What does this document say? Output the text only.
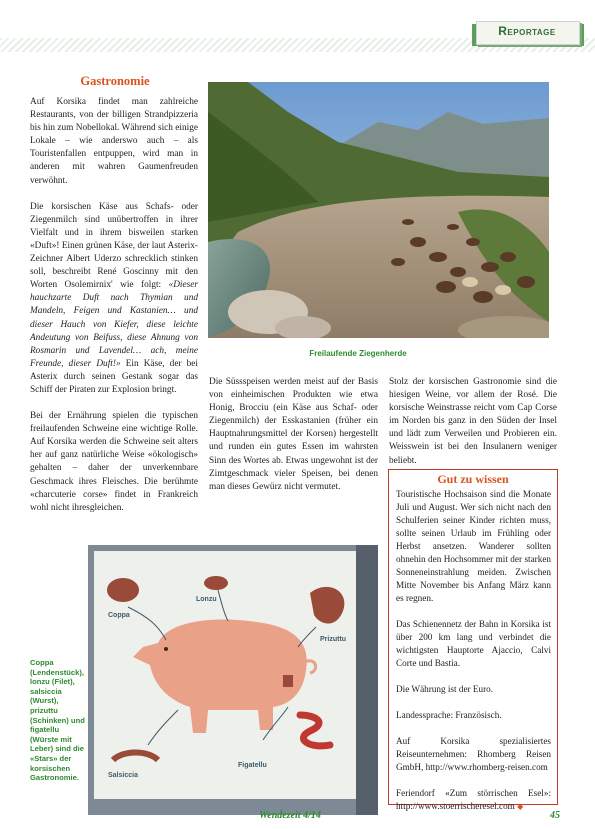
Reportage
Gastronomie

Auf Korsika findet man zahlreiche Restaurants, von der billigen Strandpizzeria bis hin zum Nobellokal. Während sich einige Lokale – wie anderswo auch – als Touristenfallen entpuppen, wird man in anderen mit wahren Gaumenfreuden verwöhnt.

Die korsischen Käse aus Schafs- oder Ziegenmilch sind unübertroffen in ihrer Vielfalt und in ihrem bisweilen starken «Duft»! Einen grünen Käse, der laut Asterix-Zeichner Albert Uderzo schrecklich stinken soll, beschreibt René Goscinny mit den Worten Osolemirnix' wie folgt: «Dieser hauchzarte Duft nach Thymian und Mandeln, Feigen und Kastanien… und dieser Hauch von Kiefer, diese leichte Andeutung von Beifuss, diese Ahnung von Rosmarin und Lavendel… ach, meine Freunde, dieser Duft!» Ein Käse, der bei Asterix durch seinen Gestank sogar das Schiff der Piraten zur Explosion bringt.

Bei der Ernährung spielen die typischen freilaufenden Schweine eine wichtige Rolle. Auf Korsika werden die Schweine seit alters her auf ganz natürliche Weise «ökologisch» gehalten – daher der unverkennbare Geschmack ihres Fleisches. Die berühmte «charcuterie corse» findet in Frankreich wohl nicht ihresgleichen.

Freilaufende Ziegenherde

Die Süssspeisen werden meist auf der Basis von einheimischen Produkten wie etwa Honig, Brocciu (ein Käse aus Schaf- oder Ziegenmilch) der Esskastanien (früher ein Hauptnahrungsmittel der Korsen) hergestellt und runden ein gutes Essen im wahrsten Sinn des Wortes ab. Etwas ungewohnt ist der Zimtgeschmack vieler Speisen, bei denen man dieses Gewürz nicht vermutet.

Stolz der korsischen Gastronomie sind die hiesigen Weine, vor allem der Rosé. Die korsische Weinstrasse reicht vom Cap Corse im Norden bis ganz in den Süden der Insel und lädt zum Verweilen und Probieren ein. Weisswein ist bei den Insulanern weniger beliebt.

Gut zu wissen

Touristische Hochsaison sind die Monate Juli und August. Wer sich nicht nach den Schulferien seiner Kinder richten muss, sollte seinen Urlaub im Frühling oder Herbst ansetzen. Wanderer sollten ohnehin den Hochsommer mit der starken Sonneneinstrahlung meiden. Zwischen Mitte November bis Anfang März kann es regnen.

Das Schienennetz der Bahn in Korsika ist über 200 km lang und verbindet die wichtigsten Hauptorte Ajaccio, Calvi Corte und Bastia.

Die Währung ist der Euro.

Landessprache: Französisch.

Auf Korsika spezialisiertes Reiseunternehmen: Rhomberg Reisen GmbH, http://www.rhomberg-reisen.com

Feriendorf «Zum störrischen Esel»: http://www.stoerrischeresel.com ◆

Coppa
Lonzu
Prizuttu
Salsiccia
Figatellu
Coppa (Lendenstück), lonzu (Filet), salsiccia (Wurst), prizuttu (Schinken) und figatellu (Würste mit Leber) sind die «Stars» der korsischen Gastronomie.
Wendezeit 4/14	45
